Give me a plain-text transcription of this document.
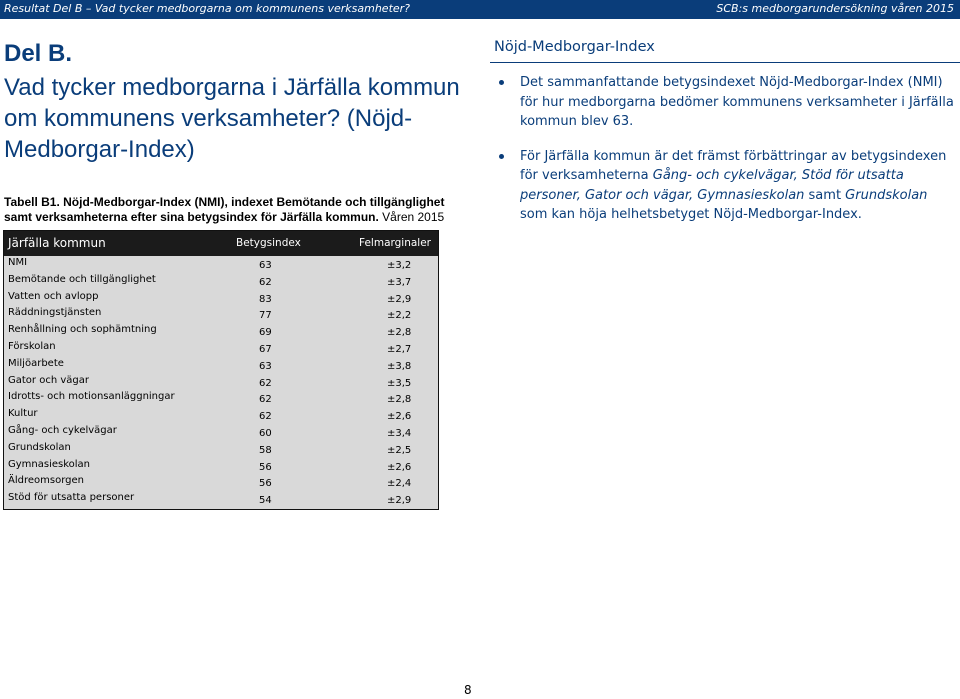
Resultat Del B – Vad tycker medborgarna om kommunens verksamheter?	SCB:s medborgarundersökning våren 2015
Del B.
Vad tycker medborgarna i Järfälla kommun om kommunens verksamheter? (Nöjd-Medborgar-Index)
Tabell B1. Nöjd-Medborgar-Index (NMI), indexet Bemötande och tillgänglighet samt verksamheterna efter sina betygsindex för Järfälla kommun. Våren 2015
Järfälla kommun	Betygsindex	Felmarginaler
NMI	63	±3,2
Bemötande och tillgänglighet	62	±3,7
Vatten och avlopp	83	±2,9
Räddningstjänsten	77	±2,2
Renhållning och sophämtning	69	±2,8
Förskolan	67	±2,7
Miljöarbete	63	±3,8
Gator och vägar	62	±3,5
Idrotts- och motionsanläggningar	62	±2,8
Kultur	62	±2,6
Gång- och cykelvägar	60	±3,4
Grundskolan	58	±2,5
Gymnasieskolan	56	±2,6
Äldreomsorgen	56	±2,4
Stöd för utsatta personer	54	±2,9
Nöjd-Medborgar-Index
Det sammanfattande betygsindexet Nöjd-Medborgar-Index (NMI) för hur medborgarna bedömer kommunens verksamheter i Järfälla kommun blev 63.
För Järfälla kommun är det främst förbättringar av betygsindexen för verksamheterna Gång- och cykelvägar, Stöd för utsatta personer, Gator och vägar, Gymnasieskolan samt Grundskolan som kan höja helhetsbetyget Nöjd-Medborgar-Index.
8
